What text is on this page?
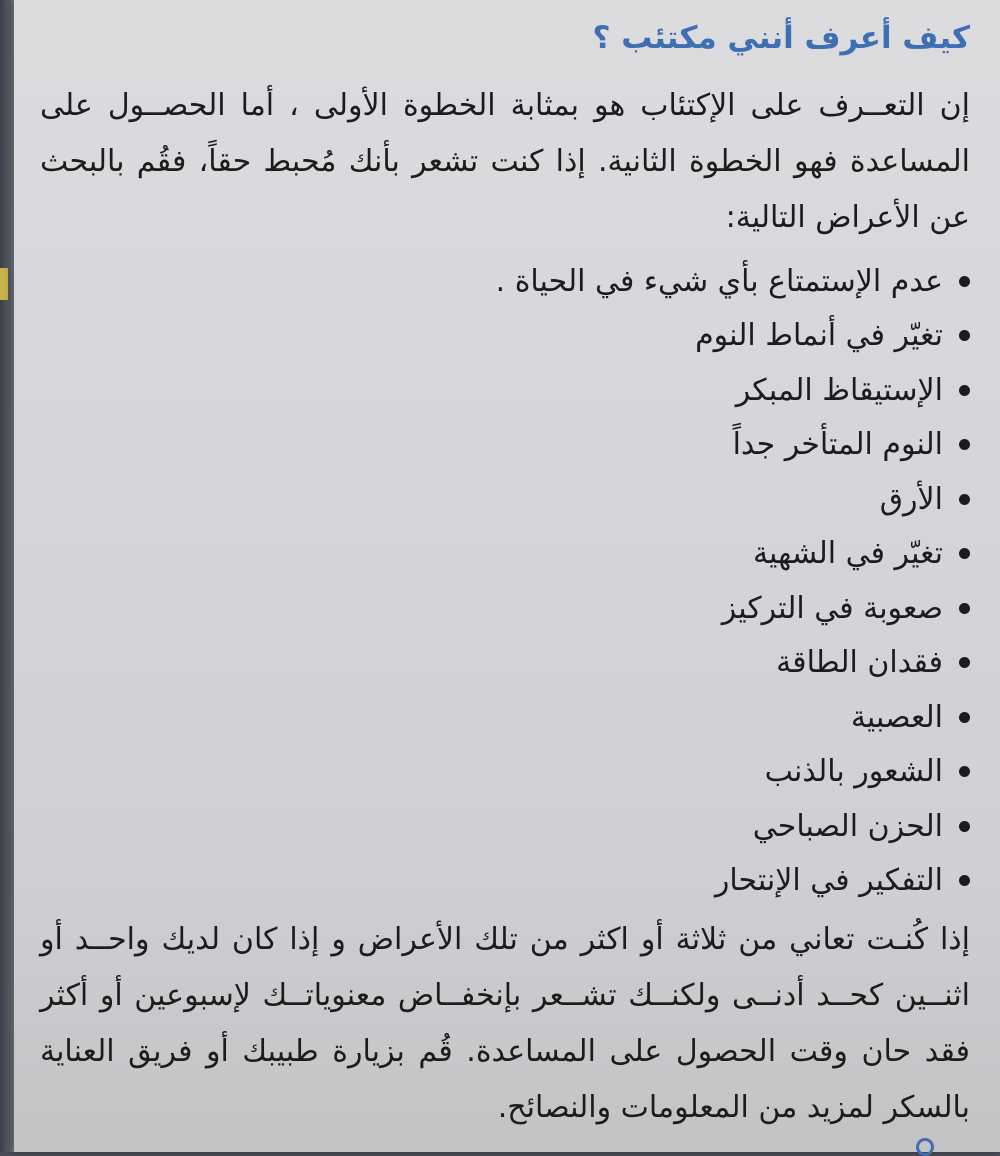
كيف أعرف أنني مكتئب ؟

إن التعــرف على الإكتئاب هو بمثابة الخطوة الأولى ، أما الحصــول على المساعدة فهو الخطوة الثانية. إذا كنت تشعر بأنك مُحبط حقاً، فقُم بالبحث عن الأعراض التالية:

عدم الإستمتاع بأي شيء في الحياة .
تغيّر في أنماط النوم
الإستيقاظ المبكر
النوم المتأخر جداً
الأرق
تغيّر في الشهية
صعوبة في التركيز
فقدان الطاقة
العصبية
الشعور بالذنب
الحزن الصباحي
التفكير في الإنتحار

إذا كُنـت تعاني من ثلاثة أو اكثر من تلك الأعراض و إذا كان لديك واحــد أو اثنــين كحــد أدنــى ولكنــك تشــعر بإنخفــاض معنوياتــك لإسبوعين أو أكثر فقد حان وقت الحصول على المساعدة. قُم بزيارة طبيبك أو فريق العناية بالسكر لمزيد من المعلومات والنصائح.
